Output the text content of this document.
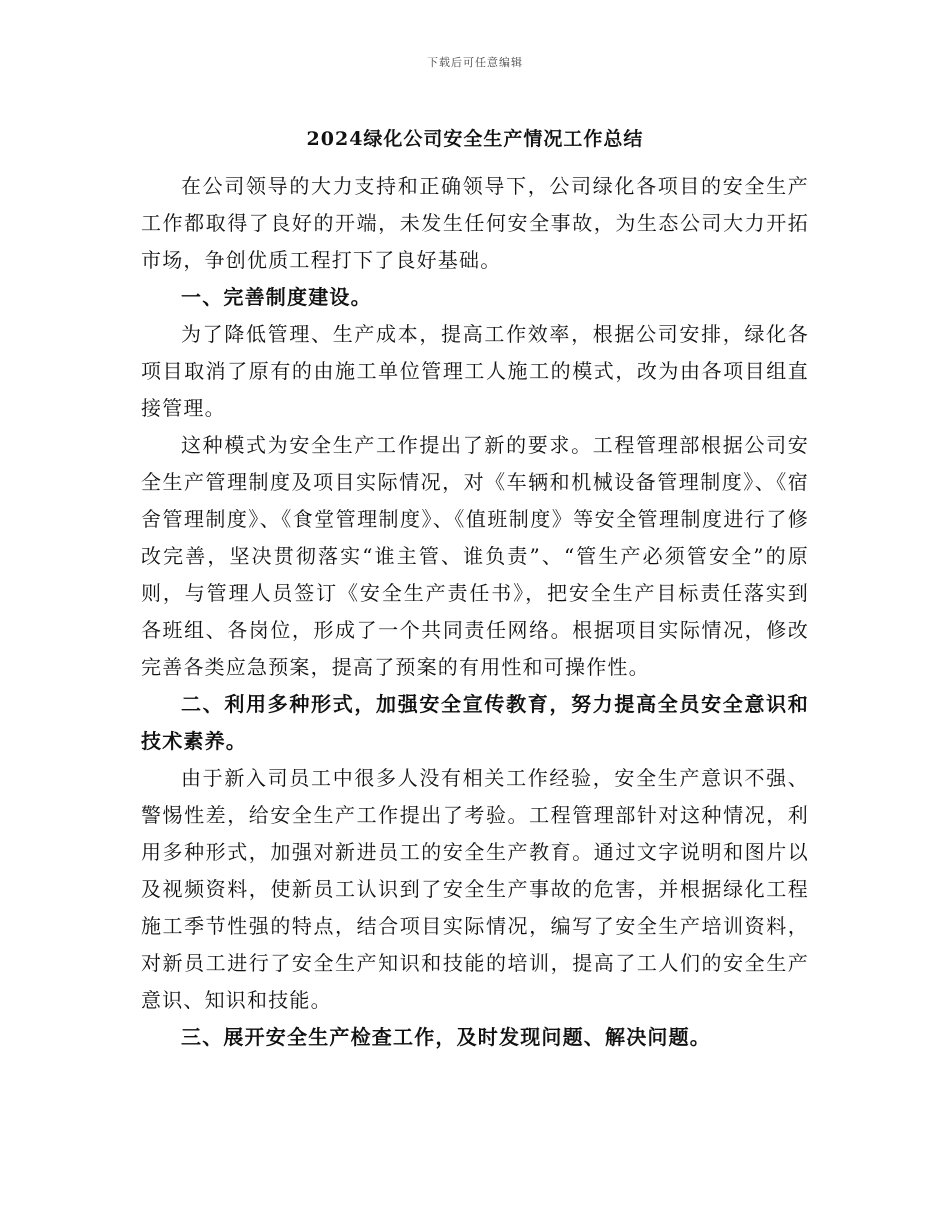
下载后可任意编辑
2024绿化公司安全生产情况工作总结

在公司领导的大力支持和正确领导下，公司绿化各项目的安全生产工作都取得了良好的开端，未发生任何安全事故，为生态公司大力开拓市场，争创优质工程打下了良好基础。

一、完善制度建设。

为了降低管理、生产成本，提高工作效率，根据公司安排，绿化各项目取消了原有的由施工单位管理工人施工的模式，改为由各项目组直接管理。

这种模式为安全生产工作提出了新的要求。工程管理部根据公司安全生产管理制度及项目实际情况，对《车辆和机械设备管理制度》、《宿舍管理制度》、《食堂管理制度》、《值班制度》等安全管理制度进行了修改完善，坚决贯彻落实“谁主管、谁负责”、“管生产必须管安全”的原则，与管理人员签订《安全生产责任书》，把安全生产目标责任落实到各班组、各岗位，形成了一个共同责任网络。根据项目实际情况，修改完善各类应急预案，提高了预案的有用性和可操作性。

二、利用多种形式，加强安全宣传教育，努力提高全员安全意识和技术素养。

由于新入司员工中很多人没有相关工作经验，安全生产意识不强、警惕性差，给安全生产工作提出了考验。工程管理部针对这种情况，利用多种形式，加强对新进员工的安全生产教育。通过文字说明和图片以及视频资料，使新员工认识到了安全生产事故的危害，并根据绿化工程施工季节性强的特点，结合项目实际情况，编写了安全生产培训资料，对新员工进行了安全生产知识和技能的培训，提高了工人们的安全生产意识、知识和技能。

三、展开安全生产检查工作，及时发现问题、解决问题。
